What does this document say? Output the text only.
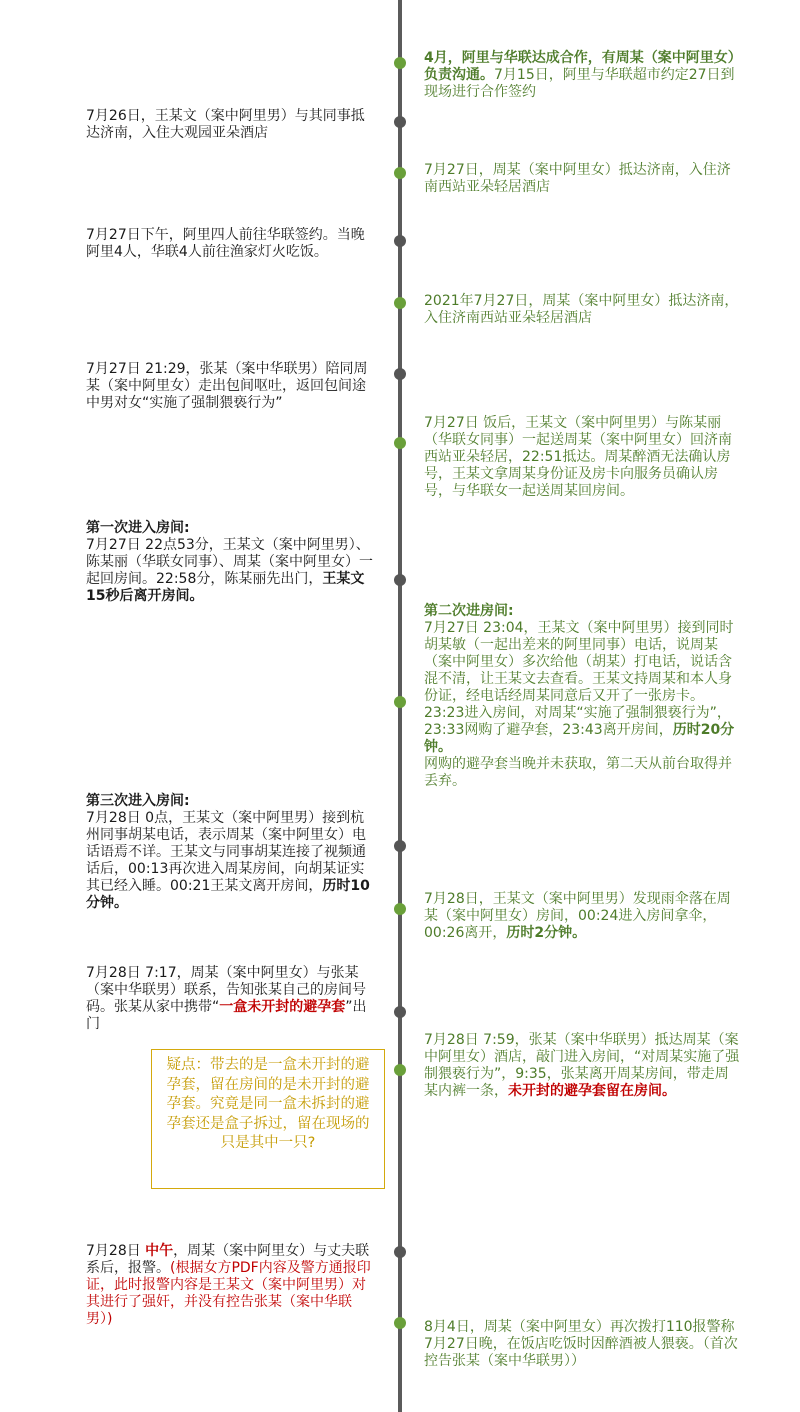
4月，阿里与华联达成合作，有周某（案中阿里女）负责沟通。7月15日，阿里与华联超市约定27日到现场进行合作签约
7月26日，王某文（案中阿里男）与其同事抵达济南，入住大观园亚朵酒店
7月27日，周某（案中阿里女）抵达济南，入住济南西站亚朵轻居酒店
7月27日下午，阿里四人前往华联签约。当晚阿里4人，华联4人前往渔家灯火吃饭。
2021年7月27日，周某（案中阿里女）抵达济南，入住济南西站亚朵轻居酒店
7月27日 21:29，张某（案中华联男）陪同周某（案中阿里女）走出包间呕吐，返回包间途中男对女“实施了强制猥亵行为”
7月27日 饭后，王某文（案中阿里男）与陈某丽（华联女同事）一起送周某（案中阿里女）回济南西站亚朵轻居，22:51抵达。周某醉酒无法确认房号，王某文拿周某身份证及房卡向服务员确认房号，与华联女一起送周某回房间。
第一次进入房间:
7月27日 22点53分，王某文（案中阿里男）、陈某丽（华联女同事）、周某（案中阿里女）一起回房间。22:58分，陈某丽先出门，王某文15秒后离开房间。
第二次进房间:
7月27日 23:04，王某文（案中阿里男）接到同时胡某敏（一起出差来的阿里同事）电话，说周某（案中阿里女）多次给他（胡某）打电话，说话含混不清，让王某文去查看。王某文持周某和本人身份证，经电话经周某同意后又开了一张房卡。23:23进入房间，对周某“实施了强制猥亵行为”，23:33网购了避孕套，23:43离开房间，历时20分钟。
网购的避孕套当晚并未获取，第二天从前台取得并丢弃。
第三次进入房间:
7月28日 0点，王某文（案中阿里男）接到杭州同事胡某电话，表示周某（案中阿里女）电话语焉不详。王某文与同事胡某连接了视频通话后，00:13再次进入周某房间，向胡某证实其已经入睡。00:21王某文离开房间，历时10分钟。	7月28日，王某文（案中阿里男）发现雨伞落在周某（案中阿里女）房间，00:24进入房间拿伞，00:26离开，历时2分钟。
7月28日 7:17，周某（案中阿里女）与张某（案中华联男）联系，告知张某自己的房间号码。张某从家中携带“一盒未开封的避孕套”出门
7月28日 7:59，张某（案中华联男）抵达周某（案中阿里女）酒店，敲门进入房间，“对周某实施了强制猥亵行为”，9:35，张某离开周某房间，带走周某内裤一条，未开封的避孕套留在房间。
疑点：带去的是一盒未开封的避孕套，留在房间的是未开封的避孕套。究竟是同一盒未拆封的避孕套还是盒子拆过，留在现场的只是其中一只?
7月28日 中午，周某（案中阿里女）与丈夫联系后，报警。(根据女方PDF内容及警方通报印证，此时报警内容是王某文（案中阿里男）对其进行了强奸，并没有控告张某（案中华联男）)	8月4日，周某（案中阿里女）再次拨打110报警称7月27日晚，在饭店吃饭时因醉酒被人猥亵。（首次控告张某（案中华联男））
